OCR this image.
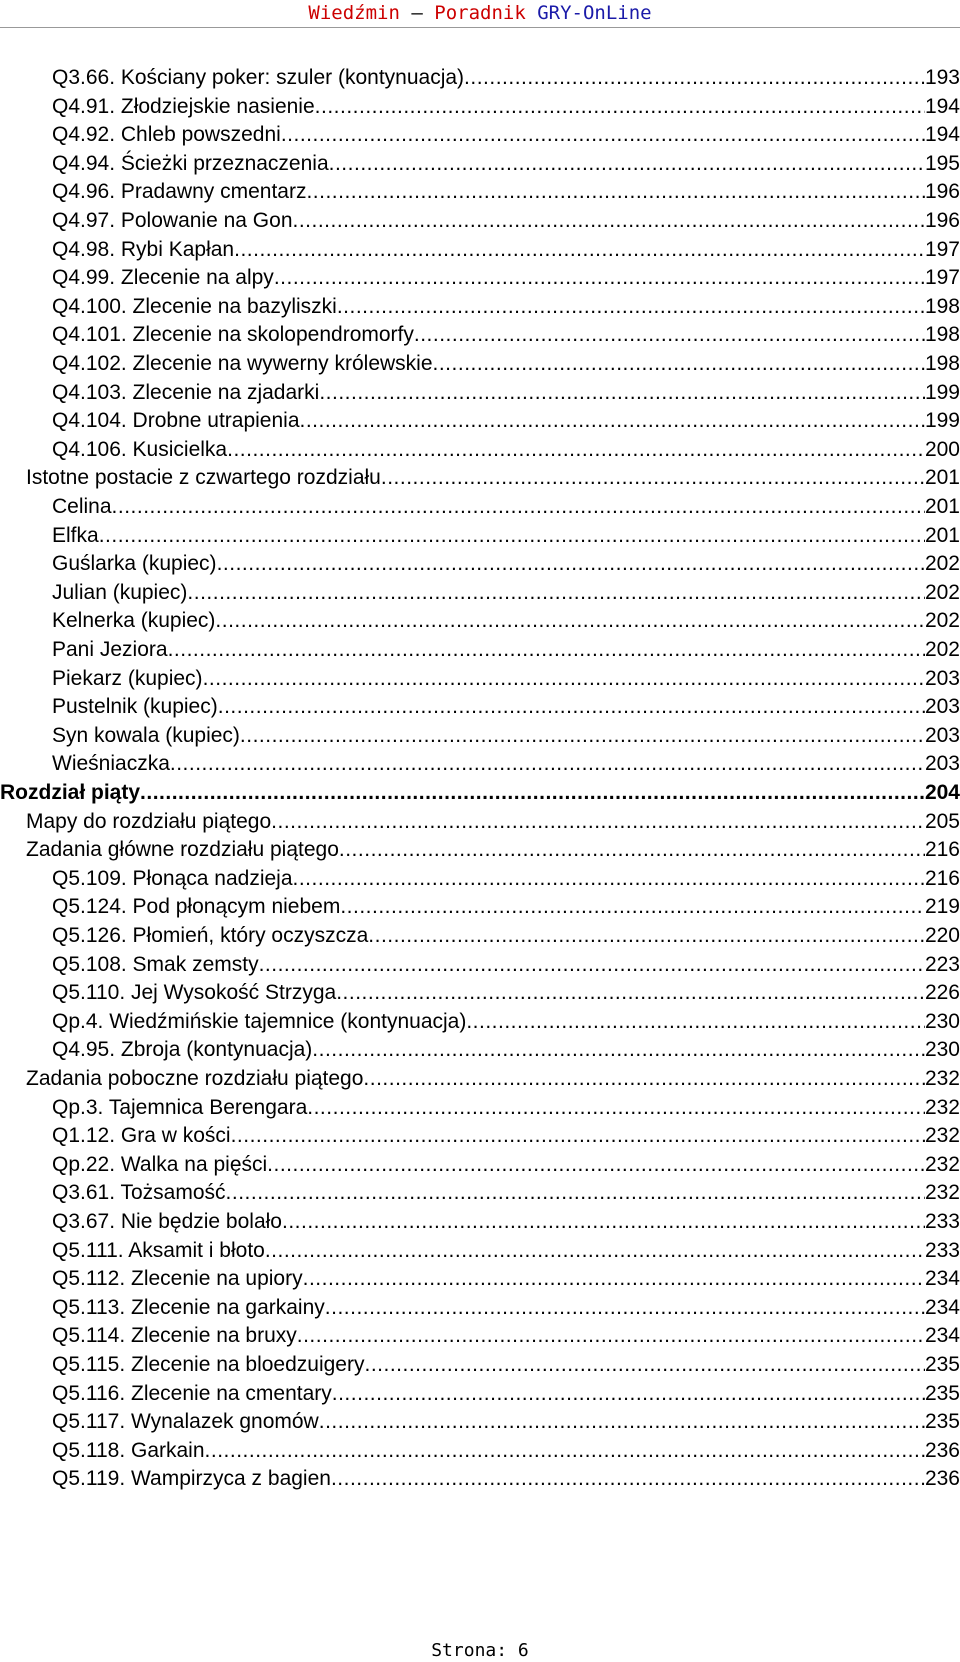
Wiedźmin – Poradnik GRY-OnLine
Q3.66. Kościany poker: szuler (kontynuacja) .....	193
Q4.91. Złodziejskie nasienie .....	194
Q4.92. Chleb powszedni .....	194
Q4.94. Ścieżki przeznaczenia .....	195
Q4.96. Pradawny cmentarz .....	196
Q4.97. Polowanie na Gon .....	196
Q4.98. Rybi Kapłan .....	197
Q4.99. Zlecenie na alpy .....	197
Q4.100. Zlecenie na bazyliszki .....	198
Q4.101. Zlecenie na skolopendromorfy .....	198
Q4.102. Zlecenie na wywerny królewskie .....	198
Q4.103. Zlecenie na zjadarki .....	199
Q4.104. Drobne utrapienia .....	199
Q4.106. Kusicielka .....	200
Istotne postacie z czwartego rozdziału .....	201
Celina .....	201
Elfka .....	201
Guślarka (kupiec) .....	202
Julian (kupiec) .....	202
Kelnerka (kupiec) .....	202
Pani Jeziora .....	202
Piekarz (kupiec) .....	203
Pustelnik (kupiec) .....	203
Syn kowala (kupiec) .....	203
Wieśniaczka .....	203
Rozdział piąty .....	204
Mapy do rozdziału piątego .....	205
Zadania główne rozdziału piątego .....	216
Q5.109. Płonąca nadzieja .....	216
Q5.124. Pod płonącym niebem .....	219
Q5.126. Płomień, który oczyszcza .....	220
Q5.108. Smak zemsty .....	223
Q5.110. Jej Wysokość Strzyga .....	226
Qp.4. Wiedźmińskie tajemnice (kontynuacja) .....	230
Q4.95. Zbroja (kontynuacja) .....	230
Zadania poboczne rozdziału piątego .....	232
Qp.3. Tajemnica Berengara .....	232
Q1.12. Gra w kości .....	232
Qp.22. Walka na pięści .....	232
Q3.61. Tożsamość .....	232
Q3.67. Nie będzie bolało .....	233
Q5.111. Aksamit i błoto .....	233
Q5.112. Zlecenie na upiory .....	234
Q5.113. Zlecenie na garkainy .....	234
Q5.114. Zlecenie na bruxy .....	234
Q5.115. Zlecenie na bloedzuigery .....	235
Q5.116. Zlecenie na cmentary .....	235
Q5.117. Wynalazek gnomów .....	235
Q5.118. Garkain .....	236
Q5.119. Wampirzyca z bagien .....	236
Strona: 6
